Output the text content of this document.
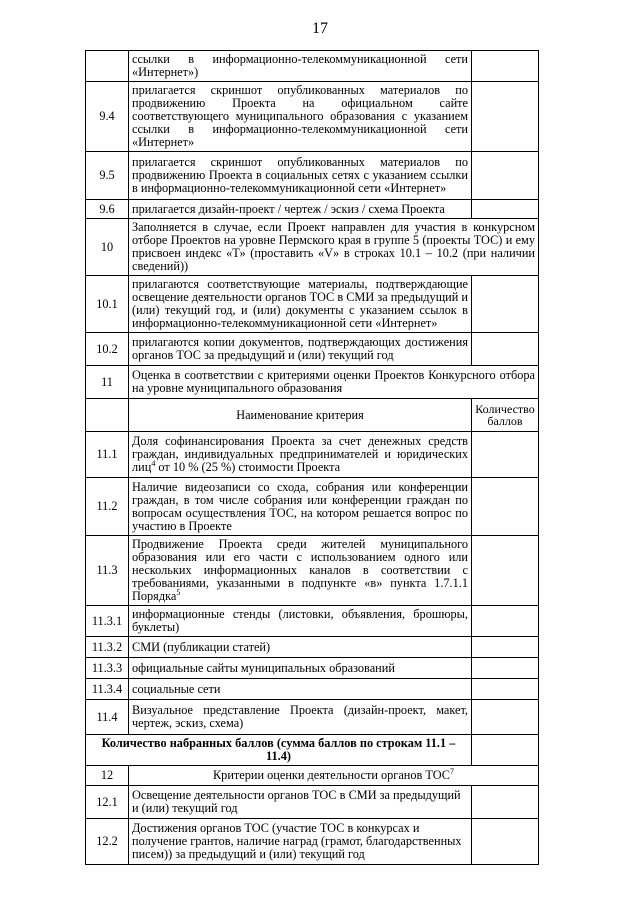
17
	ссылки в информационно-телекоммуникационной сети «Интернет»)	
9.4	прилагается скриншот опубликованных материалов по продвижению Проекта на официальном сайте соответствующего муниципального образования с указанием ссылки в информационно-телекоммуникационной сети «Интернет»	
9.5	прилагается скриншот опубликованных материалов по продвижению Проекта в социальных сетях с указанием ссылки в информационно-телекоммуникационной сети «Интернет»	
9.6	прилагается дизайн-проект / чертеж / эскиз / схема Проекта	
10	Заполняется в случае, если Проект направлен для участия в конкурсном отборе Проектов на уровне Пермского края в группе 5 (проекты ТОС) и ему присвоен индекс «Т» (проставить «V» в строках 10.1 – 10.2 (при наличии сведений))	
10.1	прилагаются соответствующие материалы, подтверждающие освещение деятельности органов ТОС в СМИ за предыдущий и (или) текущий год, и (или) документы с указанием ссылок в информационно-телекоммуникационной сети «Интернет»	
10.2	прилагаются копии документов, подтверждающих достижения органов ТОС за предыдущий и (или) текущий год	
11	Оценка в соответствии с критериями оценки Проектов Конкурсного отбора на уровне муниципального образования	
	Наименование критерия	Количество баллов
11.1	Доля софинансирования Проекта за счет денежных средств граждан, индивидуальных предпринимателей и юридических лиц$^4$ от 10 % (25 %) стоимости Проекта	
11.2	Наличие видеозаписи со схода, собрания или конференции граждан, в том числе собрания или конференции граждан по вопросам осуществления ТОС, на котором решается вопрос по участию в Проекте	
11.3	Продвижение Проекта среди жителей муниципального образования или его части с использованием одного или нескольких информационных каналов в соответствии с требованиями, указанными в подпункте «в» пункта 1.7.1.1 Порядка$^5$	
11.3.1	информационные стенды (листовки, объявления, брошюры, буклеты)	
11.3.2	СМИ (публикации статей)	
11.3.3	официальные сайты муниципальных образований	
11.3.4	социальные сети	
11.4	Визуальное представление Проекта (дизайн-проект, макет, чертеж, эскиз, схема)	
Количество набранных баллов (сумма баллов по строкам 11.1 – 11.4)		
12	Критерии оценки деятельности органов ТОС$^7$
12.1	Освещение деятельности органов ТОС в СМИ за предыдущий и (или) текущий год	
12.2	Достижения органов ТОС (участие ТОС в конкурсах и получение грантов, наличие наград (грамот, благодарственных писем)) за предыдущий и (или) текущий год	
